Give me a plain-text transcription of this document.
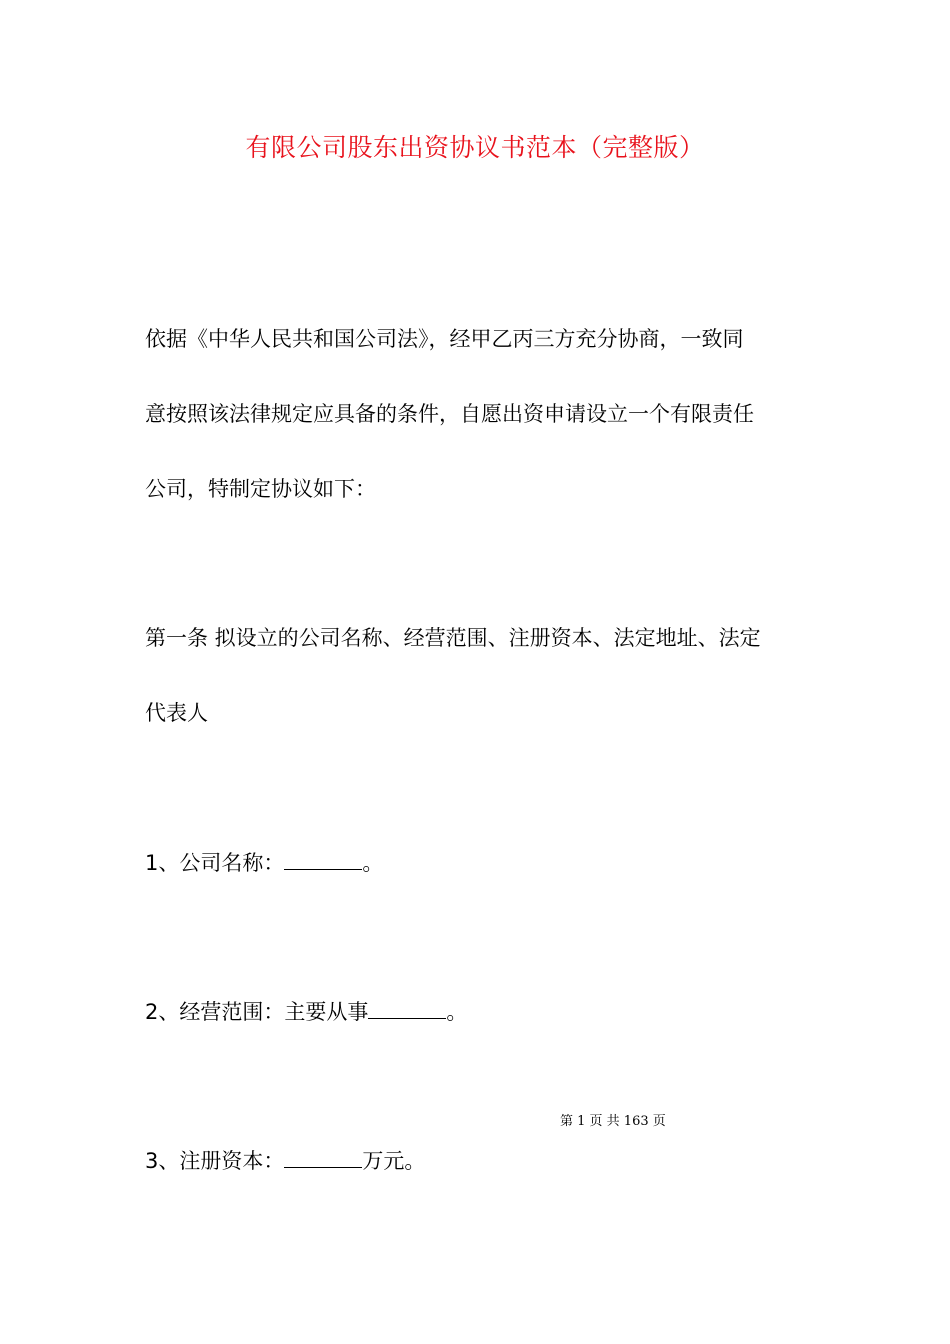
有限公司股东出资协议书范本（完整版）

依据《中华人民共和国公司法》，经甲乙丙三方充分协商，一致同

意按照该法律规定应具备的条件，自愿出资申请设立一个有限责任

公司，特制定协议如下：

第一条 拟设立的公司名称、经营范围、注册资本、法定地址、法定

代表人

1、公司名称：	。

2、经营范围：主要从事	。

第 1 页 共 163 页

3、注册资本：	万元。
